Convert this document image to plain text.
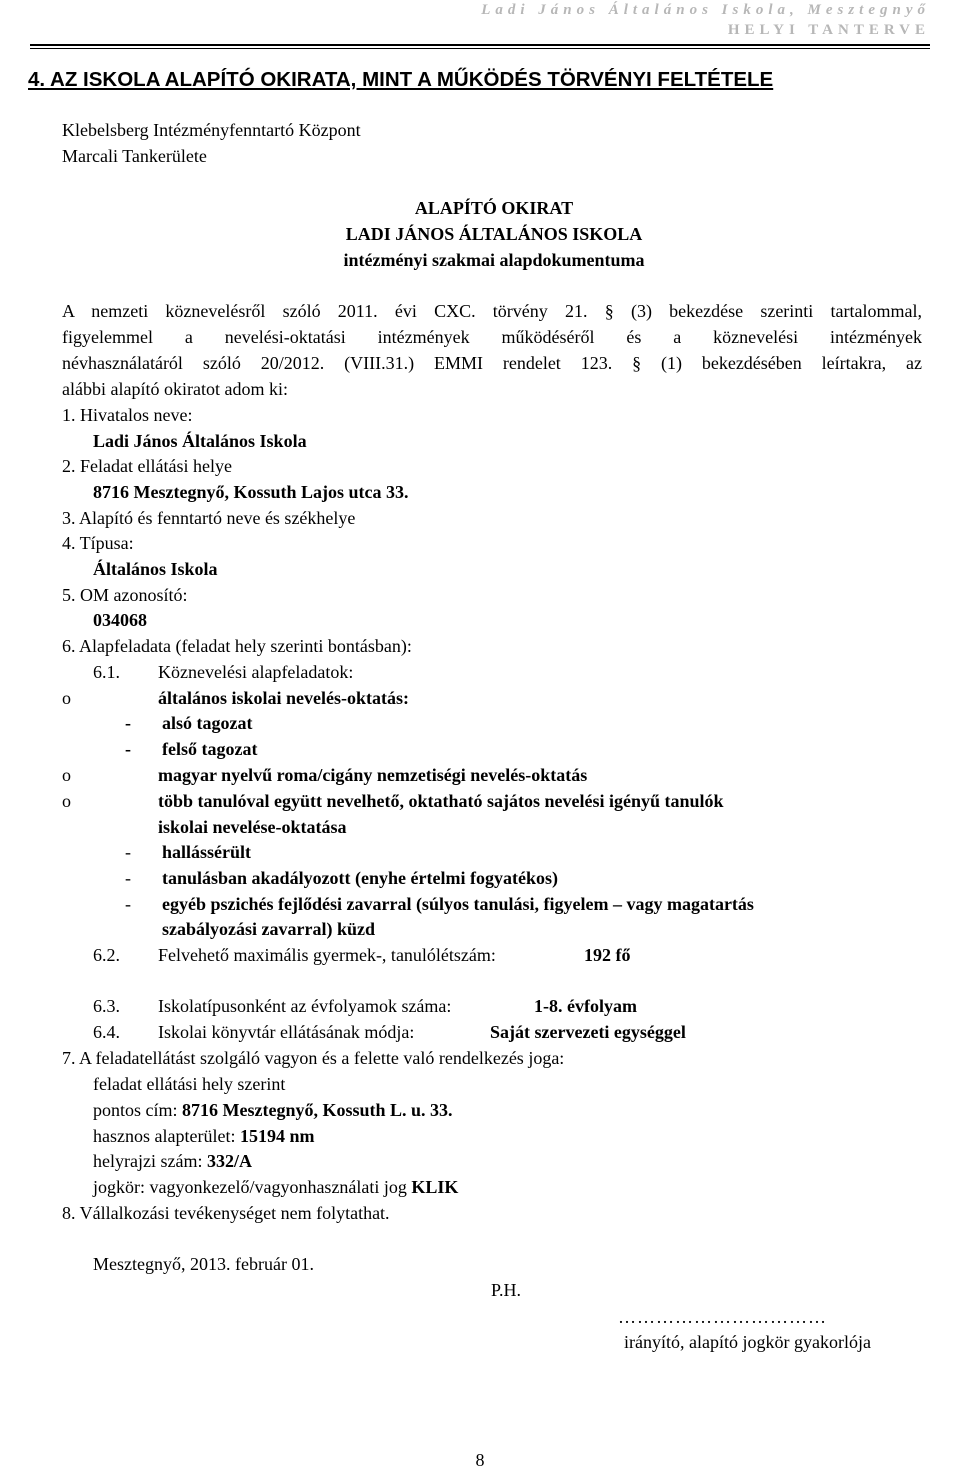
Ladi János Általános Iskola, Mesztegnyő
HELYI TANTERVE
4. AZ ISKOLA ALAPÍTÓ OKIRATA, MINT A MŰKÖDÉS TÖRVÉNYI FELTÉTELE
Klebelsberg Intézményfenntartó Központ
Marcali Tankerülete
ALAPÍTÓ OKIRAT
LADI JÁNOS ÁLTALÁNOS ISKOLA
intézményi szakmai alapdokumentuma
A nemzeti köznevelésről szóló 2011. évi CXC. törvény 21. § (3) bekezdése szerinti tartalommal,
figyelemmel a nevelési-oktatási intézmények működéséről és a köznevelési intézmények
névhasználatáról szóló 20/2012. (VIII.31.) EMMI rendelet 123. § (1) bekezdésében leírtakra, az
alábbi alapító okiratot adom ki:
1. Hivatalos neve:
Ladi János Általános Iskola
2. Feladat ellátási helye
8716 Mesztegnyő, Kossuth Lajos utca 33.
3. Alapító és fenntartó neve és székhelye
4. Típusa:
Általános Iskola
5. OM azonosító:
034068
6. Alapfeladata (feladat hely szerinti bontásban):
6.1. Köznevelési alapfeladatok:
o	általános iskolai nevelés-oktatás:
- alsó tagozat
- felső tagozat
o	magyar nyelvű roma/cigány nemzetiségi nevelés-oktatás
o	több tanulóval együtt nevelhető, oktatható sajátos nevelési igényű tanulók
iskolai nevelése-oktatása
- hallássérült
- tanulásban akadályozott (enyhe értelmi fogyatékos)
- egyéb pszichés fejlődési zavarral (súlyos tanulási, figyelem – vagy magatartás
szabályozási zavarral) küzd
6.2. Felvehető maximális gyermek-, tanulólétszám:	192 fő
6.3. Iskolatípusonként az évfolyamok száma:	1-8. évfolyam
6.4. Iskolai könyvtár ellátásának módja:	Saját szervezeti egységgel
7. A feladatellátást szolgáló vagyon és a felette való rendelkezés joga:
feladat ellátási hely szerint
pontos cím: 8716 Mesztegnyő, Kossuth L. u. 33.
hasznos alapterület: 15194 nm
helyrajzi szám: 332/A
jogkör: vagyonkezelő/vagyonhasználati jog KLIK
8. Vállalkozási tevékenységet nem folytathat.
Mesztegnyő, 2013. február 01.
P.H.
……………………………
irányító, alapító jogkör gyakorlója
8
